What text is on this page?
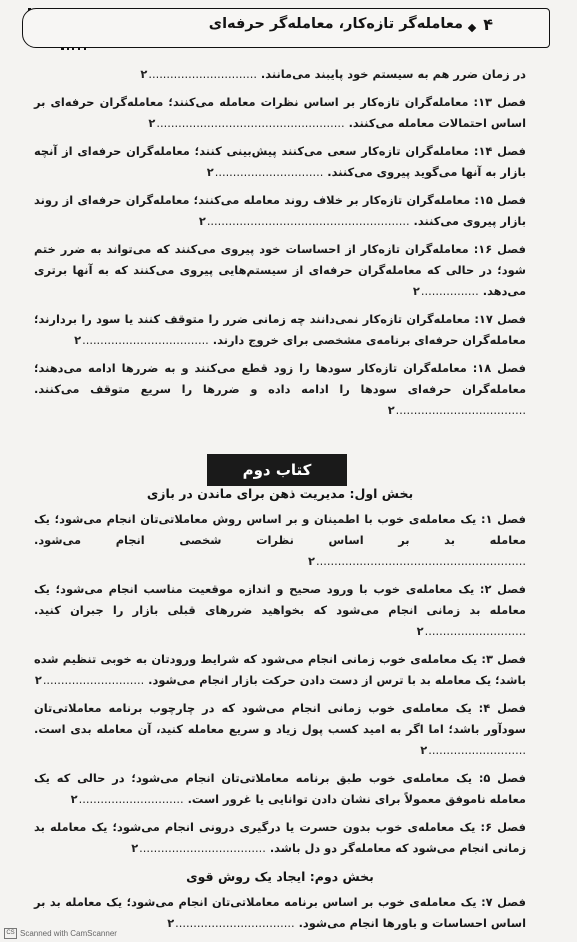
۴
معامله‌گر تازه‌کار، معامله‌گر حرفه‌ای
در زمان ضرر هم به سیستم خود پایبند می‌مانند. ۲..............................
فصل ۱۳: معامله‌گران تازه‌کار بر اساس نظرات معامله می‌کنند؛ معامله‌گران حرفه‌ای بر اساس احتمالات معامله می‌کنند. ۲....................................................
فصل ۱۴: معامله‌گران تازه‌کار سعی می‌کنند پیش‌بینی کنند؛ معامله‌گران حرفه‌ای از آنچه بازار به آنها می‌گوید پیروی می‌کنند. ۲..............................
فصل ۱۵: معامله‌گران تازه‌کار بر خلاف روند معامله می‌کنند؛ معامله‌گران حرفه‌ای از روند بازار پیروی می‌کنند. ۲........................................................
فصل ۱۶: معامله‌گران تازه‌کار از احساسات خود پیروی می‌کنند که می‌تواند به ضرر ختم شود؛ در حالی که معامله‌گران حرفه‌ای از سیستم‌هایی پیروی می‌کنند که به آنها برتری می‌دهد. ۲................
فصل ۱۷: معامله‌گران تازه‌کار نمی‌دانند چه زمانی ضرر را متوقف کنند یا سود را بردارند؛ معامله‌گران حرفه‌ای برنامه‌ی مشخصی برای خروج دارند. ۲...................................
فصل ۱۸: معامله‌گران تازه‌کار سودها را زود قطع می‌کنند و به ضررها ادامه می‌دهند؛ معامله‌گران حرفه‌ای سودها را ادامه داده و ضررها را سریع متوقف می‌کنند. ۲....................................
بخش اول: مدیریت ذهن برای ماندن در بازی
فصل ۱: یک معامله‌ی خوب با اطمینان و بر اساس روش معاملاتی‌تان انجام می‌شود؛ یک معامله بد بر اساس نظرات شخصی انجام می‌شود. ۲..........................................................
فصل ۲: یک معامله‌ی خوب با ورود صحیح و اندازه موقعیت مناسب انجام می‌شود؛ یک معامله بد زمانی انجام می‌شود که بخواهید ضررهای قبلی بازار را جبران کنید. ۲............................
فصل ۳: یک معامله‌ی خوب زمانی انجام می‌شود که شرایط ورودتان به خوبی تنظیم شده باشد؛ یک معامله بد با ترس از دست دادن حرکت بازار انجام می‌شود. ۲............................
فصل ۴: یک معامله‌ی خوب زمانی انجام می‌شود که در چارچوب برنامه معاملاتی‌تان سودآور باشد؛ اما اگر به امید کسب پول زیاد و سریع معامله کنید، آن معامله بدی است. ۲...........................
فصل ۵: یک معامله‌ی خوب طبق برنامه معاملاتی‌تان انجام می‌شود؛ در حالی که یک معامله ناموفق معمولاً برای نشان دادن توانایی یا غرور است. ۲.............................
فصل ۶: یک معامله‌ی خوب بدون حسرت یا درگیری درونی انجام می‌شود؛ یک معامله بد زمانی انجام می‌شود که معامله‌گر دو دل باشد. ۲...................................
بخش دوم: ایجاد یک روش قوی
فصل ۷: یک معامله‌ی خوب بر اساس برنامه معاملاتی‌تان انجام می‌شود؛ یک معامله بد بر اساس احساسات و باورها انجام می‌شود. ۲.................................
کتاب دوم
CS Scanned with CamScanner
